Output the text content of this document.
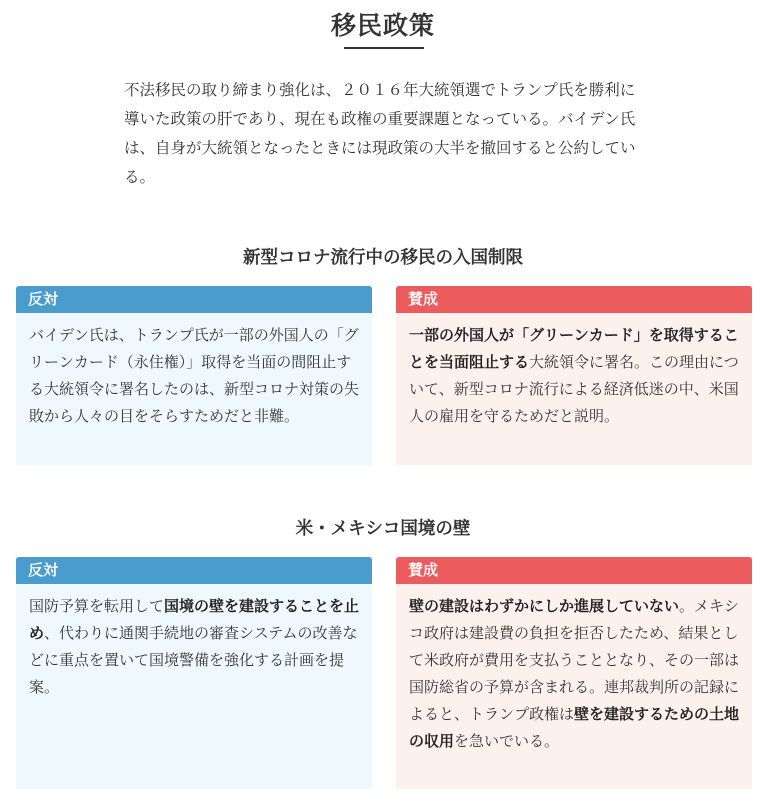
移民政策
不法移民の取り締まり強化は、２０１６年大統領選でトランプ氏を勝利に導いた政策の肝であり、現在も政権の重要課題となっている。バイデン氏は、自身が大統領となったときには現政策の大半を撤回すると公約している。
新型コロナ流行中の移民の入国制限
反対
バイデン氏は、トランプ氏が一部の外国人の「グリーンカード（永住権）」取得を当面の間阻止する大統領令に署名したのは、新型コロナ対策の失敗から人々の目をそらすためだと非難。
賛成
一部の外国人が「グリーンカード」を取得することを当面阻止する大統領令に署名。この理由について、新型コロナ流行による経済低迷の中、米国人の雇用を守るためだと説明。
米・メキシコ国境の壁
反対
国防予算を転用して国境の壁を建設することを止め、代わりに通関手続地の審査システムの改善などに重点を置いて国境警備を強化する計画を提案。
賛成
壁の建設はわずかにしか進展していない。メキシコ政府は建設費の負担を拒否したため、結果として米政府が費用を支払うこととなり、その一部は国防総省の予算が含まれる。連邦裁判所の記録によると、トランプ政権は壁を建設するための土地の収用を急いでいる。
